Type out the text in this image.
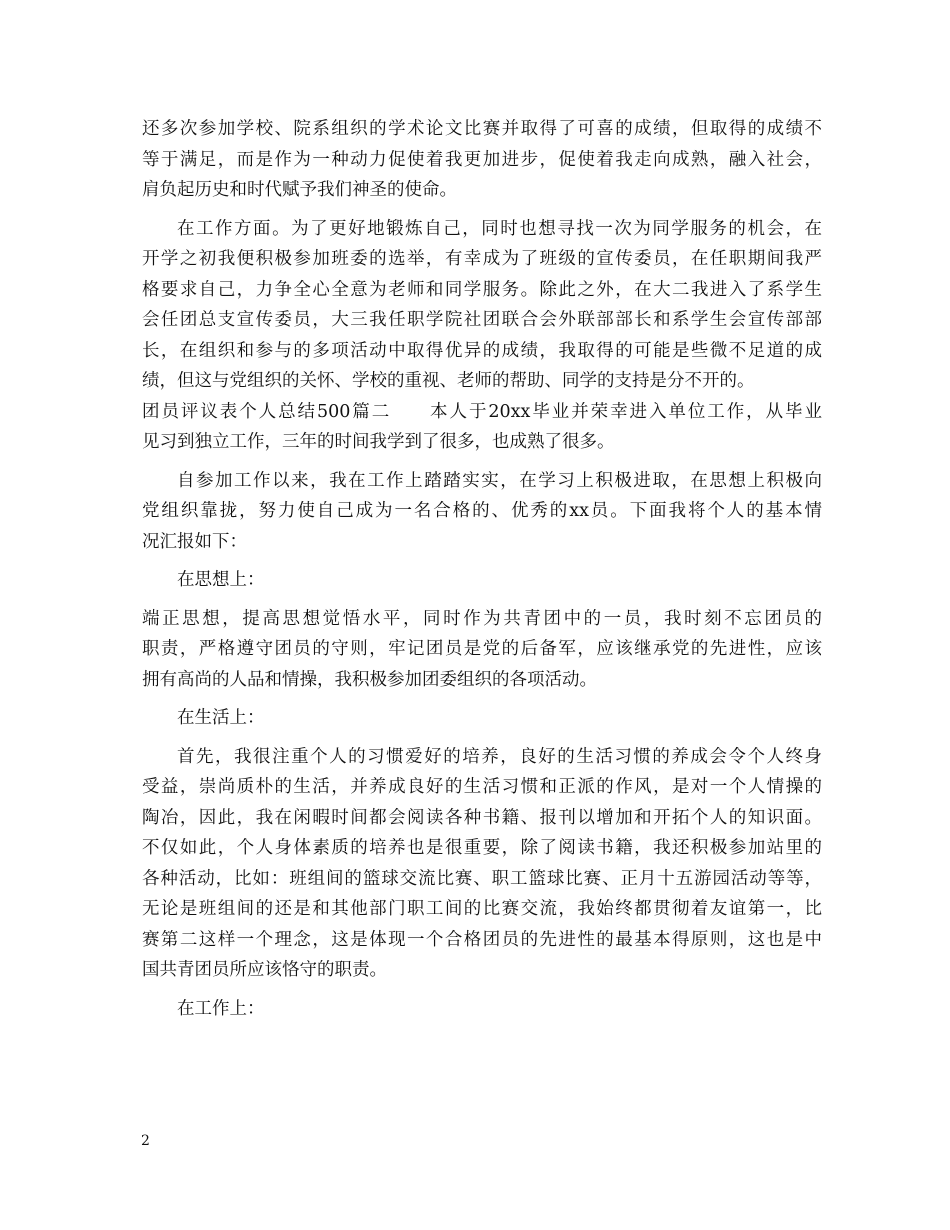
还多次参加学校、院系组织的学术论文比赛并取得了可喜的成绩，但取得的成绩不
等于满足，而是作为一种动力促使着我更加进步，促使着我走向成熟，融入社会，
肩负起历史和时代赋予我们神圣的使命。
在工作方面。为了更好地锻炼自己，同时也想寻找一次为同学服务的机会，在
开学之初我便积极参加班委的选举，有幸成为了班级的宣传委员，在任职期间我严
格要求自己，力争全心全意为老师和同学服务。除此之外，在大二我进入了系学生
会任团总支宣传委员，大三我任职学院社团联合会外联部部长和系学生会宣传部部
长，在组织和参与的多项活动中取得优异的成绩，我取得的可能是些微不足道的成
绩，但这与党组织的关怀、学校的重视、老师的帮助、同学的支持是分不开的。
团员评议表个人总结500篇二　　本人于20xx毕业并荣幸进入单位工作，从毕业
见习到独立工作，三年的时间我学到了很多，也成熟了很多。
自参加工作以来，我在工作上踏踏实实，在学习上积极进取，在思想上积极向
党组织靠拢，努力使自己成为一名合格的、优秀的xx员。下面我将个人的基本情
况汇报如下：
在思想上：
端正思想，提高思想觉悟水平，同时作为共青团中的一员，我时刻不忘团员的
职责，严格遵守团员的守则，牢记团员是党的后备军，应该继承党的先进性，应该
拥有高尚的人品和情操，我积极参加团委组织的各项活动。
在生活上：
首先，我很注重个人的习惯爱好的培养，良好的生活习惯的养成会令个人终身
受益，崇尚质朴的生活，并养成良好的生活习惯和正派的作风，是对一个人情操的
陶冶，因此，我在闲暇时间都会阅读各种书籍、报刊以增加和开拓个人的知识面。
不仅如此，个人身体素质的培养也是很重要，除了阅读书籍，我还积极参加站里的
各种活动，比如：班组间的篮球交流比赛、职工篮球比赛、正月十五游园活动等等，
无论是班组间的还是和其他部门职工间的比赛交流，我始终都贯彻着友谊第一，比
赛第二这样一个理念，这是体现一个合格团员的先进性的最基本得原则，这也是中
国共青团员所应该恪守的职责。
在工作上：
2
